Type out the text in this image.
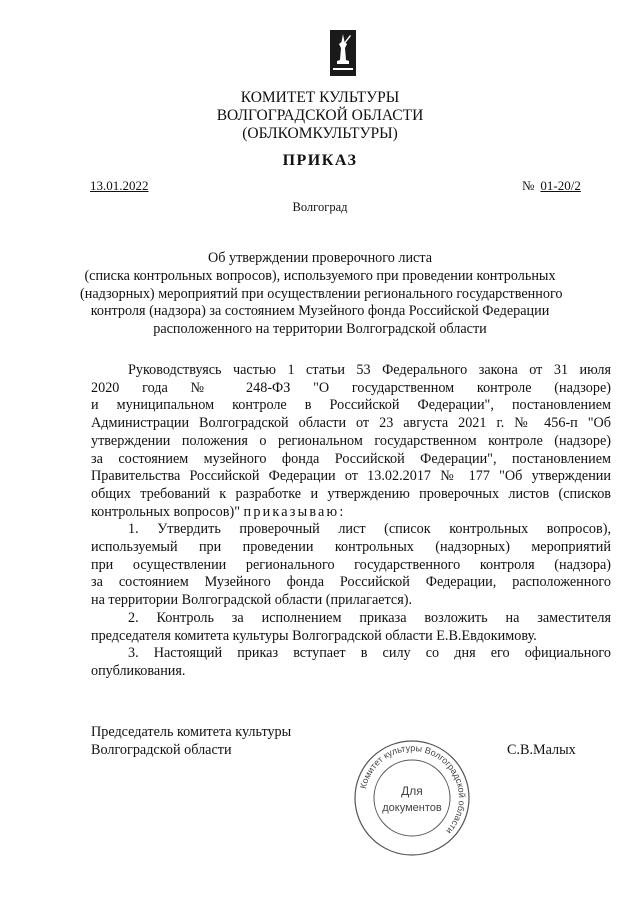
КОМИТЕТ КУЛЬТУРЫ
ВОЛГОГРАДСКОЙ ОБЛАСТИ
(ОБЛКОМКУЛЬТУРЫ)
ПРИКАЗ
13.01.2022	№ 01-20/2
Волгоград
Об утверждении проверочного листа
(списка контрольных вопросов), используемого при проведении контрольных
(надзорных) мероприятий при осуществлении регионального государственного
контроля (надзора) за состоянием Музейного фонда Российской Федерации
расположенного на территории Волгоградской области
Руководствуясь частью 1 статьи 53 Федерального закона от 31 июля
2020 года № 248-ФЗ "О государственном контроле (надзоре)
и муниципальном контроле в Российской Федерации", постановлением
Администрации Волгоградской области от 23 августа 2021 г. № 456-п "Об
утверждении положения о региональном государственном контроле (надзоре)
за состоянием музейного фонда Российской Федерации", постановлением
Правительства Российской Федерации от 13.02.2017 № 177 "Об утверждении
общих требований к разработке и утверждению проверочных листов (списков
контрольных вопросов)" приказываю:
1. Утвердить проверочный лист (список контрольных вопросов),
используемый при проведении контрольных (надзорных) мероприятий
при осуществлении регионального государственного контроля (надзора)
за состоянием Музейного фонда Российской Федерации, расположенного
на территории Волгоградской области (прилагается).
2. Контроль за исполнением приказа возложить на заместителя
председателя комитета культуры Волгоградской области Е.В.Евдокимову.
3. Настоящий приказ вступает в силу со дня его официального
опубликования.
Председатель комитета культуры
Волгоградской области	С.В.Малых
Комитет культуры Волгоградской области
Для
документов
